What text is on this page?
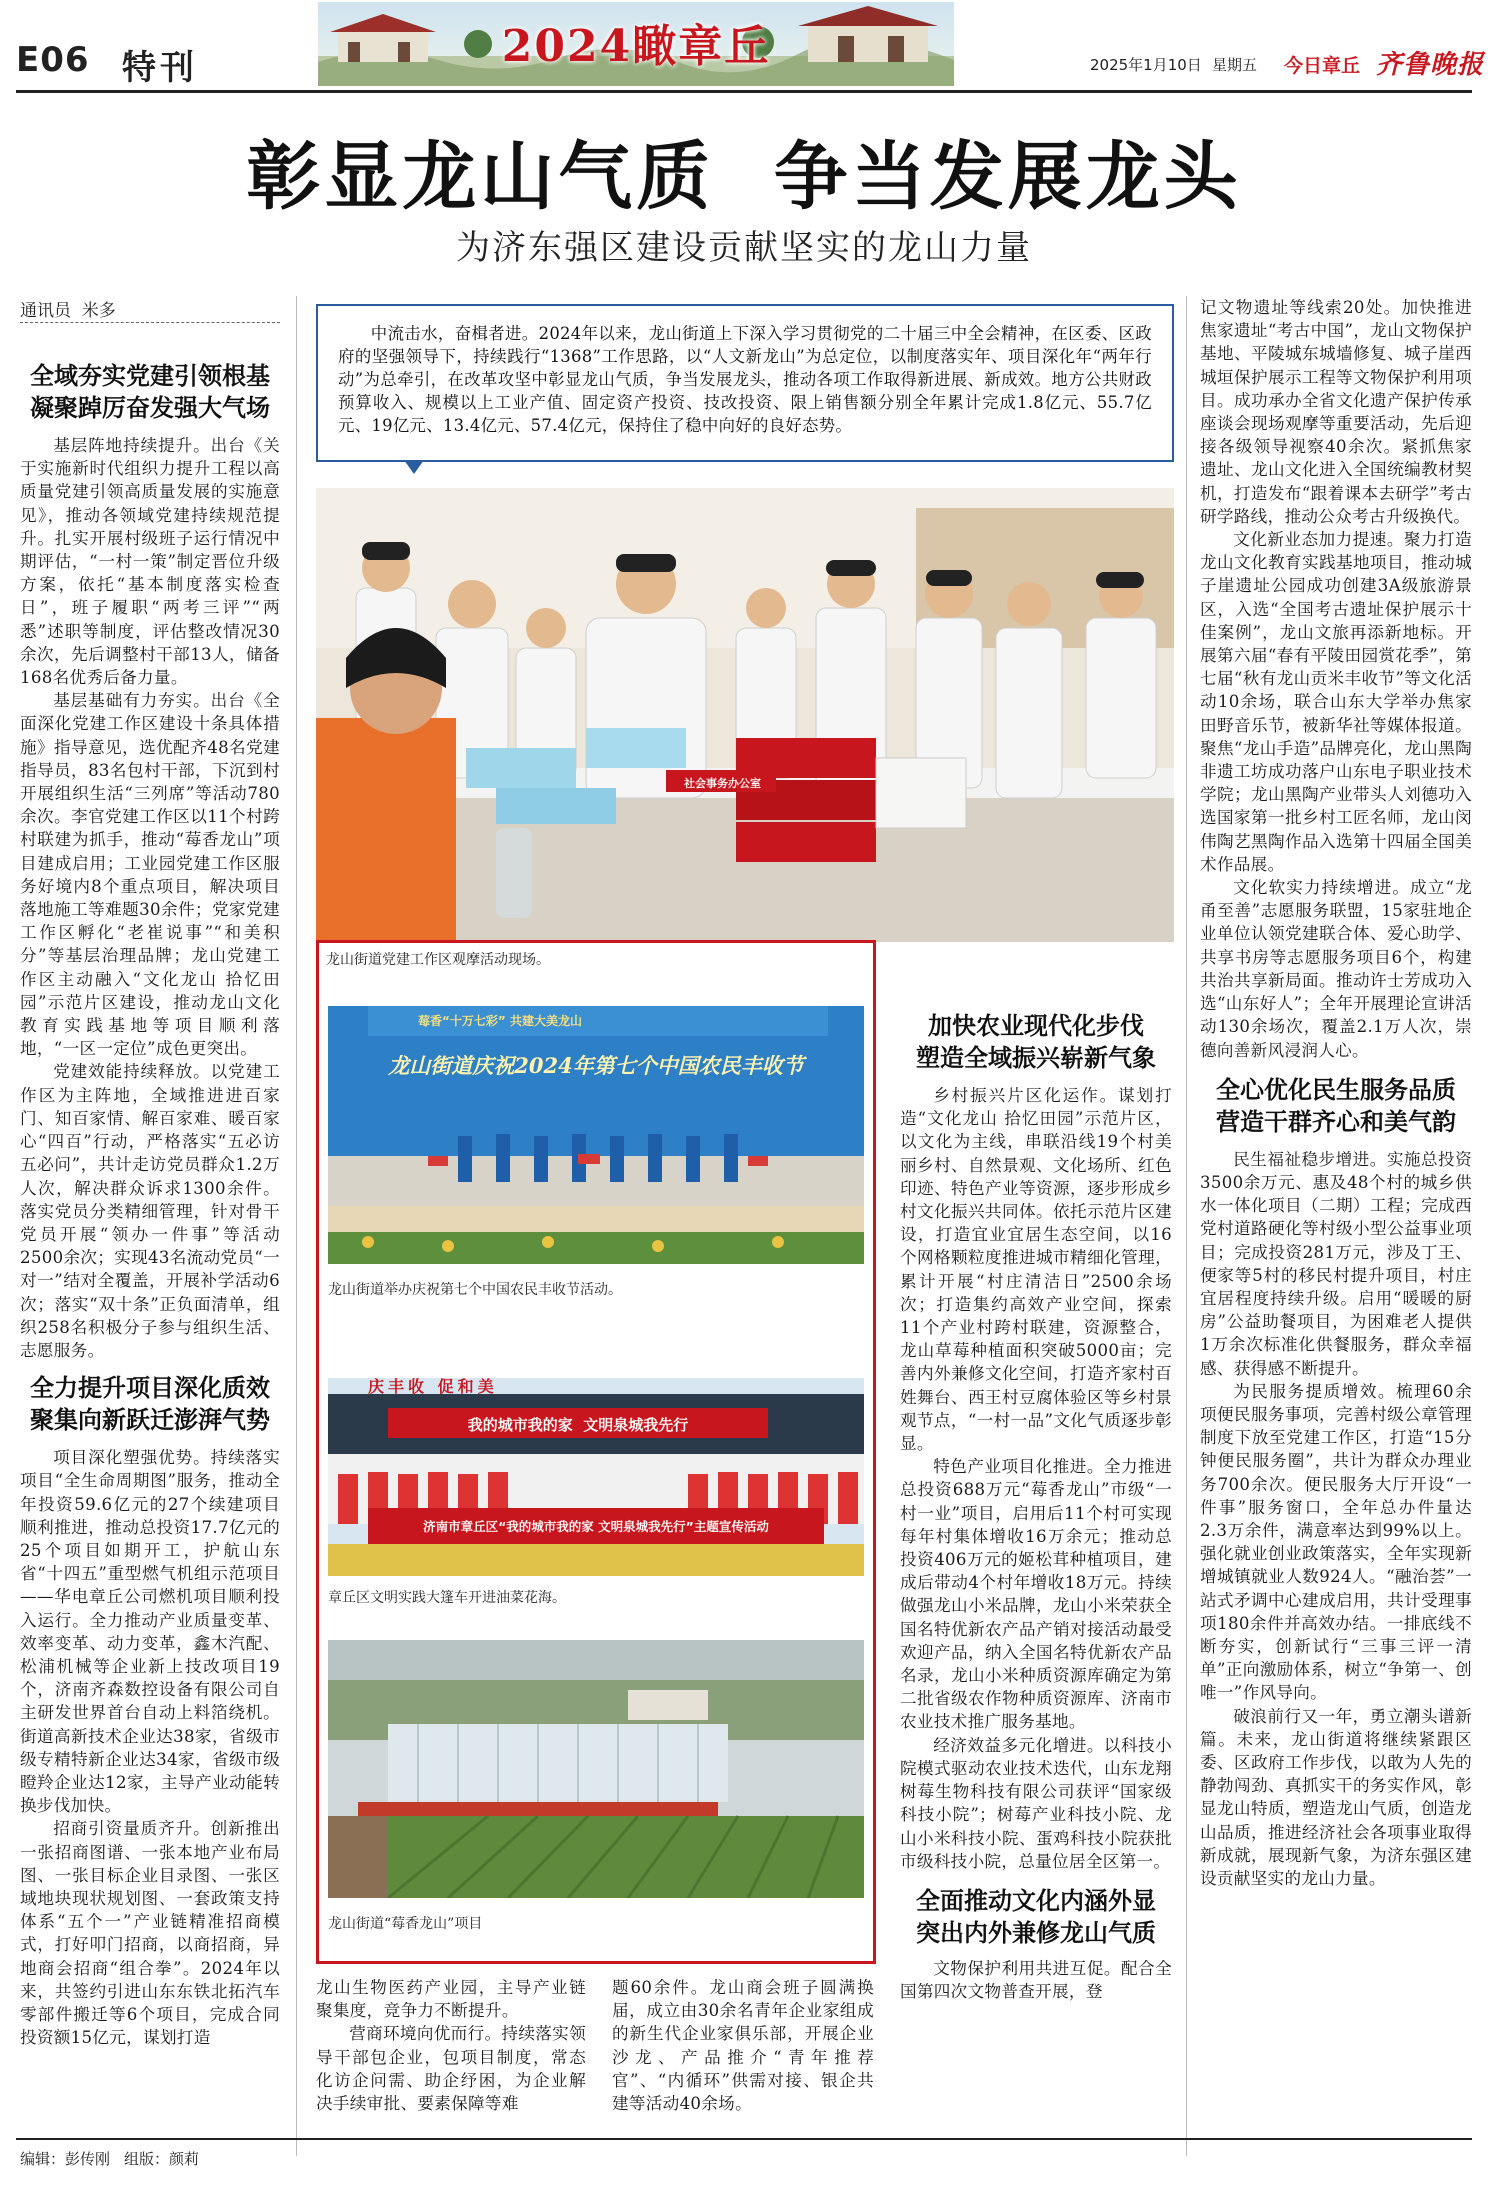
E06 特刊	2024瞰章丘	2025年1月10日 星期五 今日章丘 齐鲁晚报
彰显龙山气质  争当发展龙头
为济东强区建设贡献坚实的龙山力量
通讯员  米多
全域夯实党建引领根基
凝聚踔厉奋发强大气场

基层阵地持续提升。出台《关于实施新时代组织力提升工程以高质量党建引领高质量发展的实施意见》，推动各领域党建持续规范提升。扎实开展村级班子运行情况中期评估，“一村一策”制定晋位升级方案，依托“基本制度落实检查日”，班子履职“两考三评”“两悉”述职等制度，评估整改情况30余次，先后调整村干部13人，储备168名优秀后备力量。

基层基础有力夯实。出台《全面深化党建工作区建设十条具体措施》指导意见，选优配齐48名党建指导员，83名包村干部，下沉到村开展组织生活“三列席”等活动780余次。李官党建工作区以11个村跨村联建为抓手，推动“莓香龙山”项目建成启用；工业园党建工作区服务好境内8个重点项目，解决项目落地施工等难题30余件；党家党建工作区孵化“老崔说事”“和美积分”等基层治理品牌；龙山党建工作区主动融入“文化龙山 拾忆田园”示范片区建设，推动龙山文化教育实践基地等项目顺利落地，“一区一定位”成色更突出。

党建效能持续释放。以党建工作区为主阵地，全域推进进百家门、知百家情、解百家难、暖百家心“四百”行动，严格落实“五必访五必问”，共计走访党员群众1.2万人次，解决群众诉求1300余件。落实党员分类精细管理，针对骨干党员开展“领办一件事”等活动2500余次；实现43名流动党员“一对一”结对全覆盖，开展补学活动6次；落实“双十条”正负面清单，组织258名积极分子参与组织生活、志愿服务。

全力提升项目深化质效
聚集向新跃迁澎湃气势

项目深化塑强优势。持续落实项目“全生命周期图”服务，推动全年投资59.6亿元的27个续建项目顺利推进，推动总投资17.7亿元的25个项目如期开工，护航山东省“十四五”重型燃气机组示范项目——华电章丘公司燃机项目顺利投入运行。全力推动产业质量变革、效率变革、动力变革，鑫木汽配、松浦机械等企业新上技改项目19个，济南齐森数控设备有限公司自主研发世界首台自动上料箔绕机。街道高新技术企业达38家，省级市级专精特新企业达34家，省级市级瞪羚企业达12家，主导产业动能转换步伐加快。

招商引资量质齐升。创新推出一张招商图谱、一张本地产业布局图、一张目标企业目录图、一张区域地块现状规划图、一套政策支持体系“五个一”产业链精准招商模式，打好叩门招商，以商招商，异地商会招商“组合拳”。2024年以来，共签约引进山东东铁北拓汽车零部件搬迁等6个项目，完成合同投资额15亿元，谋划打造

中流击水，奋楫者进。2024年以来，龙山街道上下深入学习贯彻党的二十届三中全会精神，在区委、区政府的坚强领导下，持续践行“1368”工作思路，以“人文新龙山”为总定位，以制度落实年、项目深化年“两年行动”为总牵引，在改革攻坚中彰显龙山气质，争当发展龙头，推动各项工作取得新进展、新成效。地方公共财政预算收入、规模以上工业产值、固定资产投资、技改投资、限上销售额分别全年累计完成1.8亿元、55.7亿元、19亿元、13.4亿元、57.4亿元，保持住了稳中向好的良好态势。
社会事务办公室
龙山街道党建工作区观摩活动现场。
莓香“十万七彩” 共建大美龙山
龙山街道庆祝2024年第七个中国农民丰收节
龙山街道举办庆祝第七个中国农民丰收节活动。
庆丰收 促和美
我的城市我的家  文明泉城我先行
济南市章丘区“我的城市我的家 文明泉城我先行”主题宣传活动
章丘区文明实践大篷车开进油菜花海。
龙山街道“莓香龙山”项目
龙山生物医药产业园，主导产业链聚集度，竞争力不断提升。

营商环境向优而行。持续落实领导干部包企业，包项目制度，常态化访企问需、助企纾困，为企业解决手续审批、要素保障等难

题60余件。龙山商会班子圆满换届，成立由30余名青年企业家组成的新生代企业家俱乐部，开展企业沙龙、产品推介“青年推荐官”、“内循环”供需对接、银企共建等活动40余场。
加快农业现代化步伐
塑造全域振兴崭新气象

乡村振兴片区化运作。谋划打造“文化龙山 拾忆田园”示范片区，以文化为主线，串联沿线19个村美丽乡村、自然景观、文化场所、红色印迹、特色产业等资源，逐步形成乡村文化振兴共同体。依托示范片区建设，打造宜业宜居生态空间，以16个网格颗粒度推进城市精细化管理，累计开展“村庄清洁日”2500余场次；打造集约高效产业空间，探索11个产业村跨村联建，资源整合，龙山草莓种植面积突破5000亩；完善内外兼修文化空间，打造齐家村百姓舞台、西王村豆腐体验区等乡村景观节点，“一村一品”文化气质逐步彰显。

特色产业项目化推进。全力推进总投资688万元“莓香龙山”市级“一村一业”项目，启用后11个村可实现每年村集体增收16万余元；推动总投资406万元的姬松茸种植项目，建成后带动4个村年增收18万元。持续做强龙山小米品牌，龙山小米荣获全国名特优新农产品产销对接活动最受欢迎产品，纳入全国名特优新农产品名录，龙山小米种质资源库确定为第二批省级农作物种质资源库、济南市农业技术推广服务基地。

经济效益多元化增进。以科技小院模式驱动农业技术迭代，山东龙翔树莓生物科技有限公司获评“国家级科技小院”；树莓产业科技小院、龙山小米科技小院、蛋鸡科技小院获批市级科技小院，总量位居全区第一。

全面推动文化内涵外显
突出内外兼修龙山气质

文物保护利用共进互促。配合全国第四次文物普查开展，登

记文物遗址等线索20处。加快推进焦家遗址“考古中国”，龙山文物保护基地、平陵城东城墙修复、城子崖西城垣保护展示工程等文物保护利用项目。成功承办全省文化遗产保护传承座谈会现场观摩等重要活动，先后迎接各级领导视察40余次。紧抓焦家遗址、龙山文化进入全国统编教材契机，打造发布“跟着课本去研学”考古研学路线，推动公众考古升级换代。

文化新业态加力提速。聚力打造龙山文化教育实践基地项目，推动城子崖遗址公园成功创建3A级旅游景区，入选“全国考古遗址保护展示十佳案例”，龙山文旅再添新地标。开展第六届“春有平陵田园赏花季”，第七届“秋有龙山贡米丰收节”等文化活动10余场，联合山东大学举办焦家田野音乐节，被新华社等媒体报道。聚焦“龙山手造”品牌亮化，龙山黑陶非遗工坊成功落户山东电子职业技术学院；龙山黑陶产业带头人刘德功入选国家第一批乡村工匠名师，龙山闵伟陶艺黑陶作品入选第十四届全国美术作品展。

文化软实力持续增进。成立“龙甬至善”志愿服务联盟，15家驻地企业单位认领党建联合体、爱心助学、共享书房等志愿服务项目6个，构建共治共享新局面。推动许士芳成功入选“山东好人”；全年开展理论宣讲活动130余场次，覆盖2.1万人次，崇德向善新风浸润人心。

全心优化民生服务品质
营造干群齐心和美气韵

民生福祉稳步增进。实施总投资3500余万元、惠及48个村的城乡供水一体化项目（二期）工程；完成西党村道路硬化等村级小型公益事业项目；完成投资281万元，涉及丁王、便家等5村的移民村提升项目，村庄宜居程度持续升级。启用“暖暖的厨房”公益助餐项目，为困难老人提供1万余次标准化供餐服务，群众幸福感、获得感不断提升。

为民服务提质增效。梳理60余项便民服务事项，完善村级公章管理制度下放至党建工作区，打造“15分钟便民服务圈”，共计为群众办理业务700余次。便民服务大厅开设“一件事”服务窗口，全年总办件量达2.3万余件，满意率达到99%以上。强化就业创业政策落实，全年实现新增城镇就业人数924人。“融治荟”一站式矛调中心建成启用，共计受理事项180余件并高效办结。一排底线不断夯实，创新试行“三事三评一清单”正向激励体系，树立“争第一、创唯一”作风导向。

破浪前行又一年，勇立潮头谱新篇。未来，龙山街道将继续紧跟区委、区政府工作步伐，以敢为人先的静勃闯劲、真抓实干的务实作风，彰显龙山特质，塑造龙山气质，创造龙山品质，推进经济社会各项事业取得新成就，展现新气象，为济东强区建设贡献坚实的龙山力量。

编辑：彭传刚 组版：颜莉
